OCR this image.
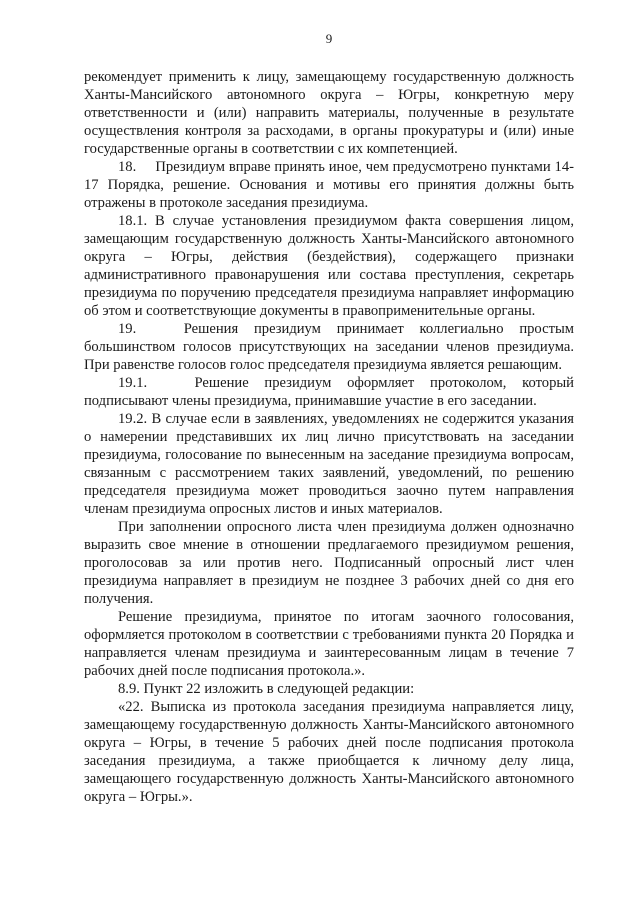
9

рекомендует применить к лицу, замещающему государственную должность Ханты-Мансийского автономного округа – Югры, конкретную меру ответственности и (или) направить материалы, полученные в результате осуществления контроля за расходами, в органы прокуратуры и (или) иные государственные органы в соответствии с их компетенцией.

18.     Президиум вправе принять иное, чем предусмотрено пунктами 14-17 Порядка, решение. Основания и мотивы его принятия должны быть отражены в протоколе заседания президиума.

18.1. В случае установления президиумом факта совершения лицом, замещающим государственную должность Ханты-Мансийского автономного округа – Югры, действия (бездействия), содержащего признаки административного правонарушения или состава преступления, секретарь президиума по поручению председателя президиума направляет информацию об этом и соответствующие документы в правоприменительные органы.

19.   Решения президиум принимает коллегиально простым большинством голосов присутствующих на заседании членов президиума. При равенстве голосов голос председателя президиума является решающим.

19.1.   Решение президиум оформляет протоколом, который подписывают члены президиума, принимавшие участие в его заседании.

19.2. В случае если в заявлениях, уведомлениях не содержится указания о намерении представивших их лиц лично присутствовать на заседании президиума, голосование по вынесенным на заседание президиума вопросам, связанным с рассмотрением таких заявлений, уведомлений, по решению председателя президиума может проводиться заочно путем направления членам президиума опросных листов и иных материалов.

При заполнении опросного листа член президиума должен однозначно выразить свое мнение в отношении предлагаемого президиумом решения, проголосовав за или против него. Подписанный опросный лист член президиума направляет в президиум не позднее 3 рабочих дней со дня его получения.

Решение президиума, принятое по итогам заочного голосования, оформляется протоколом в соответствии с требованиями пункта 20 Порядка и направляется членам президиума и заинтересованным лицам в течение 7 рабочих дней после подписания протокола.».

8.9. Пункт 22 изложить в следующей редакции:

«22. Выписка из протокола заседания президиума направляется лицу, замещающему государственную должность Ханты-Мансийского автономного округа – Югры, в течение 5 рабочих дней после подписания протокола заседания президиума, а также приобщается к личному делу лица, замещающего государственную должность Ханты-Мансийского автономного округа – Югры.».
